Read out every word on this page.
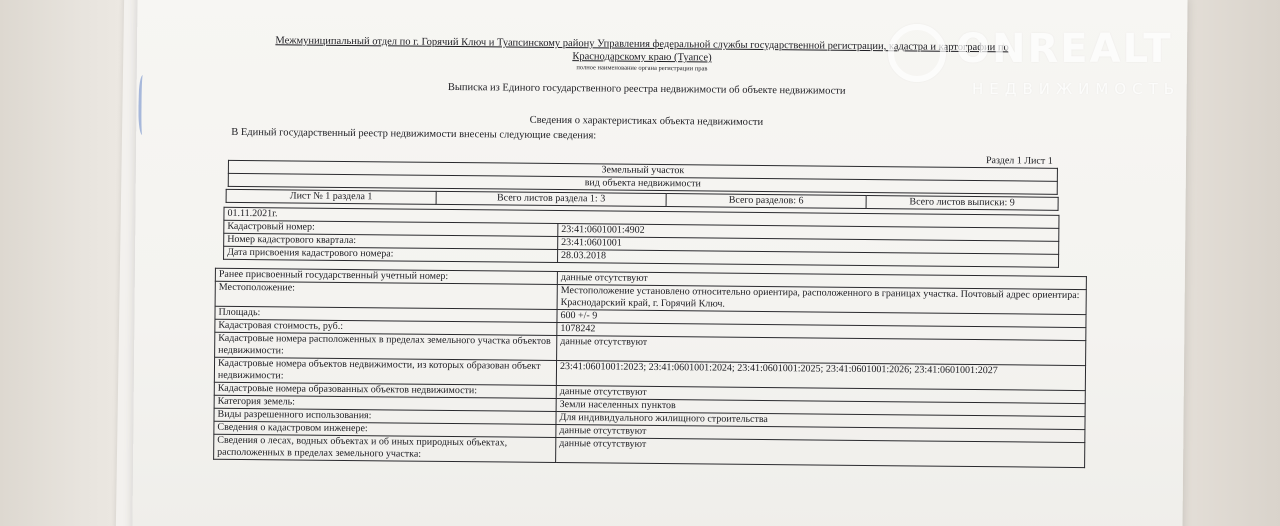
Межмуниципальный отдел по г. Горячий Ключ и Туапсинскому району Управления федеральной службы государственной регистрации, кадастра и картографии по
Краснодарскому краю (Туапсе)
полное наименование органа регистрации прав
Выписка из Единого государственного реестра недвижимости об объекте недвижимости
Сведения о характеристиках объекта недвижимости
В Единый государственный реестр недвижимости внесены следующие сведения:
Раздел 1 Лист 1
Земельный участок
вид объекта недвижимости
Лист № 1 раздела 1	Всего листов раздела 1: 3	Всего разделов: 6	Всего листов выписки: 9
01.11.2021г.	
Кадастровый номер:	23:41:0601001:4902
Номер кадастрового квартала:	23:41:0601001
Дата присвоения кадастрового номера:	28.03.2018
Ранее присвоенный государственный учетный номер:	данные отсутствуют
Местоположение:	Местоположение установлено относительно ориентира, расположенного в границах участка. Почтовый адрес ориентира: Краснодарский край, г. Горячий Ключ.
Площадь:	600 +/- 9
Кадастровая стоимость, руб.:	1078242
Кадастровые номера расположенных в пределах земельного участка объектов недвижимости:	данные отсутствуют
Кадастровые номера объектов недвижимости, из которых образован объект недвижимости:	23:41:0601001:2023; 23:41:0601001:2024; 23:41:0601001:2025; 23:41:0601001:2026; 23:41:0601001:2027
Кадастровые номера образованных объектов недвижимости:	данные отсутствуют
Категория земель:	Земли населенных пунктов
Виды разрешенного использования:	Для индивидуального жилищного строительства
Сведения о кадастровом инженере:	данные отсутствуют
Сведения о лесах, водных объектах и об иных природных объектах, расположенных в пределах земельного участка:	данные отсутствуют
ONREALT
НЕДВИЖИМОСТЬ
